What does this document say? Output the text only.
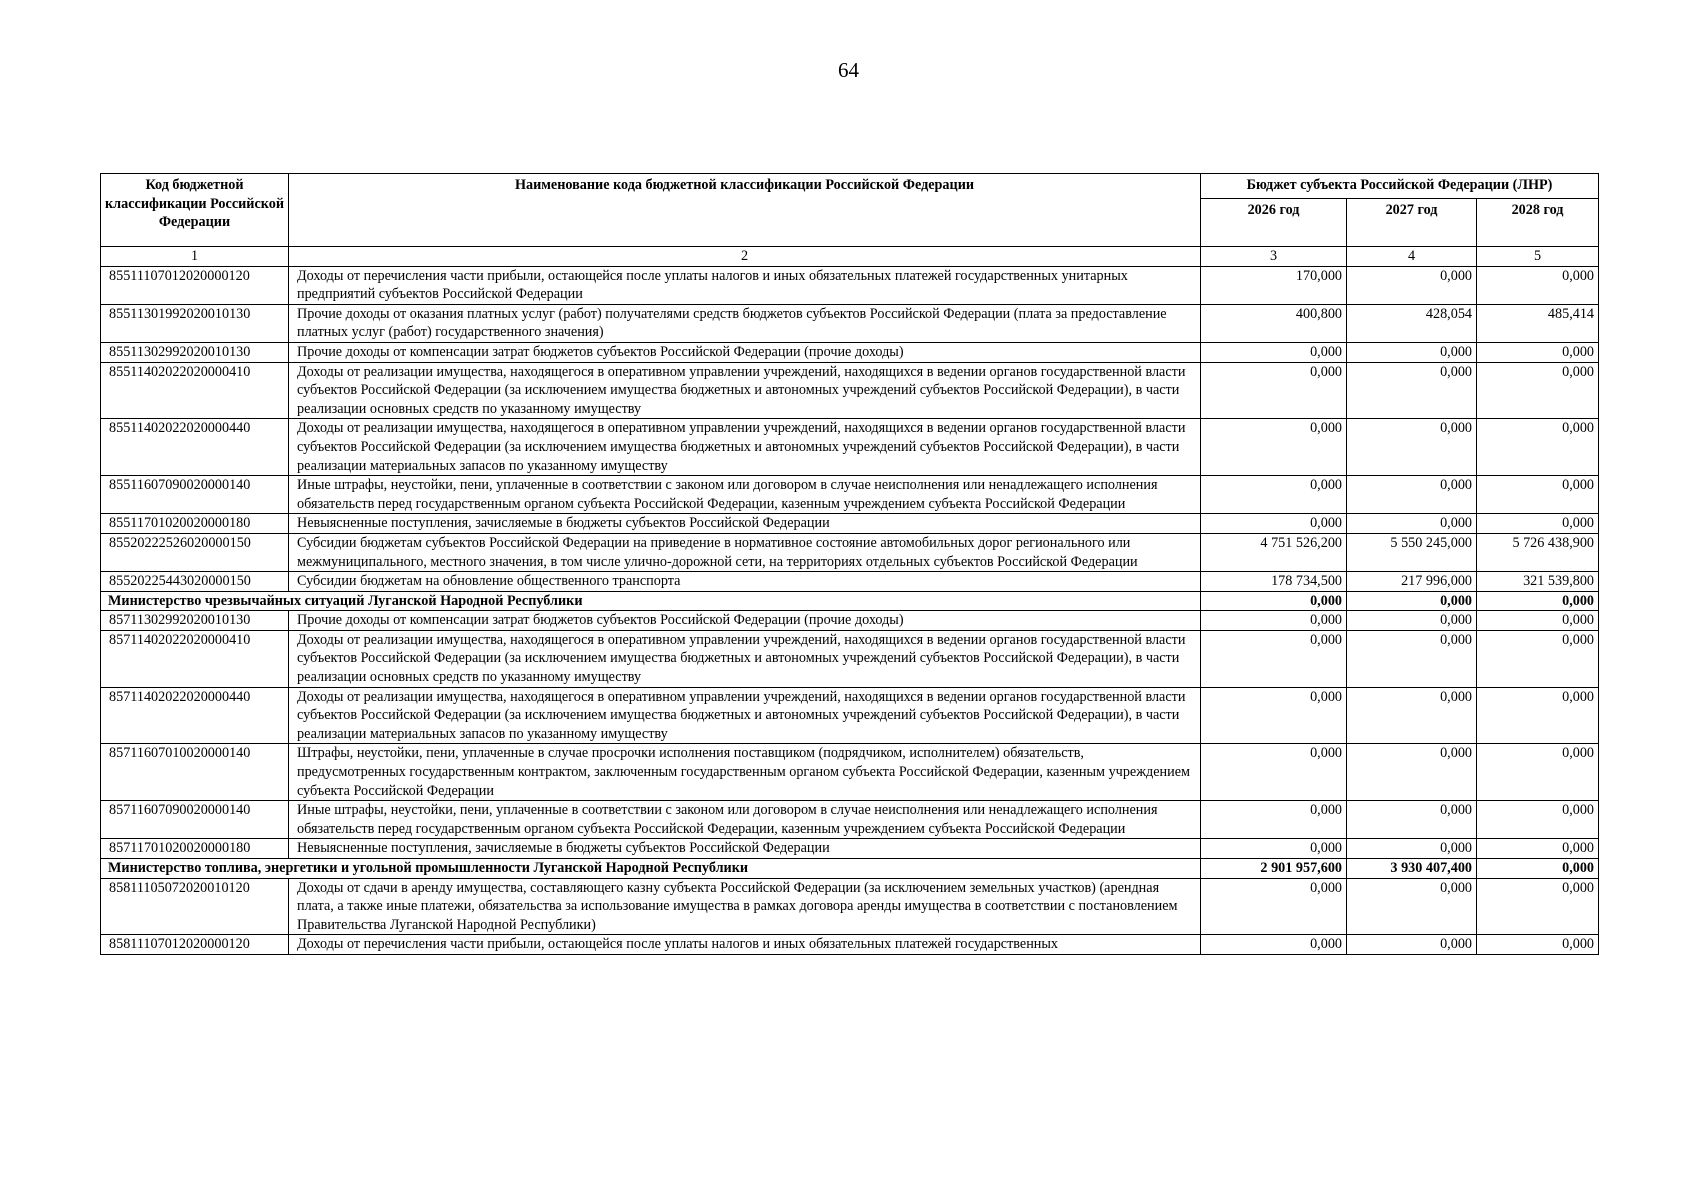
64
Код бюджетной классификации Российской Федерации	Наименование кода бюджетной классификации Российской Федерации	Бюджет субъекта Российской Федерации (ЛНР)		
		2026 год	2027 год	2028 год
1	2	3	4	5
85511107012020000120	Доходы от перечисления части прибыли, остающейся после уплаты налогов и иных обязательных платежей государственных унитарных предприятий субъектов Российской Федерации	170,000	0,000	0,000
85511301992020010130	Прочие доходы от оказания платных услуг (работ) получателями средств бюджетов субъектов Российской Федерации (плата за предоставление платных услуг (работ) государственного значения)	400,800	428,054	485,414
85511302992020010130	Прочие доходы от компенсации затрат бюджетов субъектов Российской Федерации (прочие доходы)	0,000	0,000	0,000
85511402022020000410	Доходы от реализации имущества, находящегося в оперативном управлении учреждений, находящихся в ведении органов государственной власти субъектов Российской Федерации (за исключением имущества бюджетных и автономных учреждений субъектов Российской Федерации), в части реализации основных средств по указанному имуществу	0,000	0,000	0,000
85511402022020000440	Доходы от реализации имущества, находящегося в оперативном управлении учреждений, находящихся в ведении органов государственной власти субъектов Российской Федерации (за исключением имущества бюджетных и автономных учреждений субъектов Российской Федерации), в части реализации материальных запасов по указанному имуществу	0,000	0,000	0,000
85511607090020000140	Иные штрафы, неустойки, пени, уплаченные в соответствии с законом или договором в случае неисполнения или ненадлежащего исполнения обязательств перед государственным органом субъекта Российской Федерации, казенным учреждением субъекта Российской Федерации	0,000	0,000	0,000
85511701020020000180	Невыясненные поступления, зачисляемые в бюджеты субъектов Российской Федерации	0,000	0,000	0,000
85520222526020000150	Субсидии бюджетам субъектов Российской Федерации на приведение в нормативное состояние автомобильных дорог регионального или межмуниципального, местного значения, в том числе улично-дорожной сети, на территориях отдельных субъектов Российской Федерации	4 751 526,200	5 550 245,000	5 726 438,900
85520225443020000150	Субсидии бюджетам на обновление общественного транспорта	178 734,500	217 996,000	321 539,800
Министерство чрезвычайных ситуаций Луганской Народной Республики		0,000	0,000	0,000
85711302992020010130	Прочие доходы от компенсации затрат бюджетов субъектов Российской Федерации (прочие доходы)	0,000	0,000	0,000
85711402022020000410	Доходы от реализации имущества, находящегося в оперативном управлении учреждений, находящихся в ведении органов государственной власти субъектов Российской Федерации (за исключением имущества бюджетных и автономных учреждений субъектов Российской Федерации), в части реализации основных средств по указанному имуществу	0,000	0,000	0,000
85711402022020000440	Доходы от реализации имущества, находящегося в оперативном управлении учреждений, находящихся в ведении органов государственной власти субъектов Российской Федерации (за исключением имущества бюджетных и автономных учреждений субъектов Российской Федерации), в части реализации материальных запасов по указанному имуществу	0,000	0,000	0,000
85711607010020000140	Штрафы, неустойки, пени, уплаченные в случае просрочки исполнения поставщиком (подрядчиком, исполнителем) обязательств, предусмотренных государственным контрактом, заключенным государственным органом субъекта Российской Федерации, казенным учреждением субъекта Российской Федерации	0,000	0,000	0,000
85711607090020000140	Иные штрафы, неустойки, пени, уплаченные в соответствии с законом или договором в случае неисполнения или ненадлежащего исполнения обязательств перед государственным органом субъекта Российской Федерации, казенным учреждением субъекта Российской Федерации	0,000	0,000	0,000
85711701020020000180	Невыясненные поступления, зачисляемые в бюджеты субъектов Российской Федерации	0,000	0,000	0,000
Министерство топлива, энергетики и угольной промышленности Луганской Народной Республики		2 901 957,600	3 930 407,400	0,000
85811105072020010120	Доходы от сдачи в аренду имущества, составляющего казну субъекта Российской Федерации (за исключением земельных участков) (арендная плата, а также иные платежи, обязательства за использование имущества в рамках договора аренды имущества в соответствии с постановлением Правительства Луганской Народной Республики)	0,000	0,000	0,000
85811107012020000120	Доходы от перечисления части прибыли, остающейся после уплаты налогов и иных обязательных платежей государственных	0,000	0,000	0,000
